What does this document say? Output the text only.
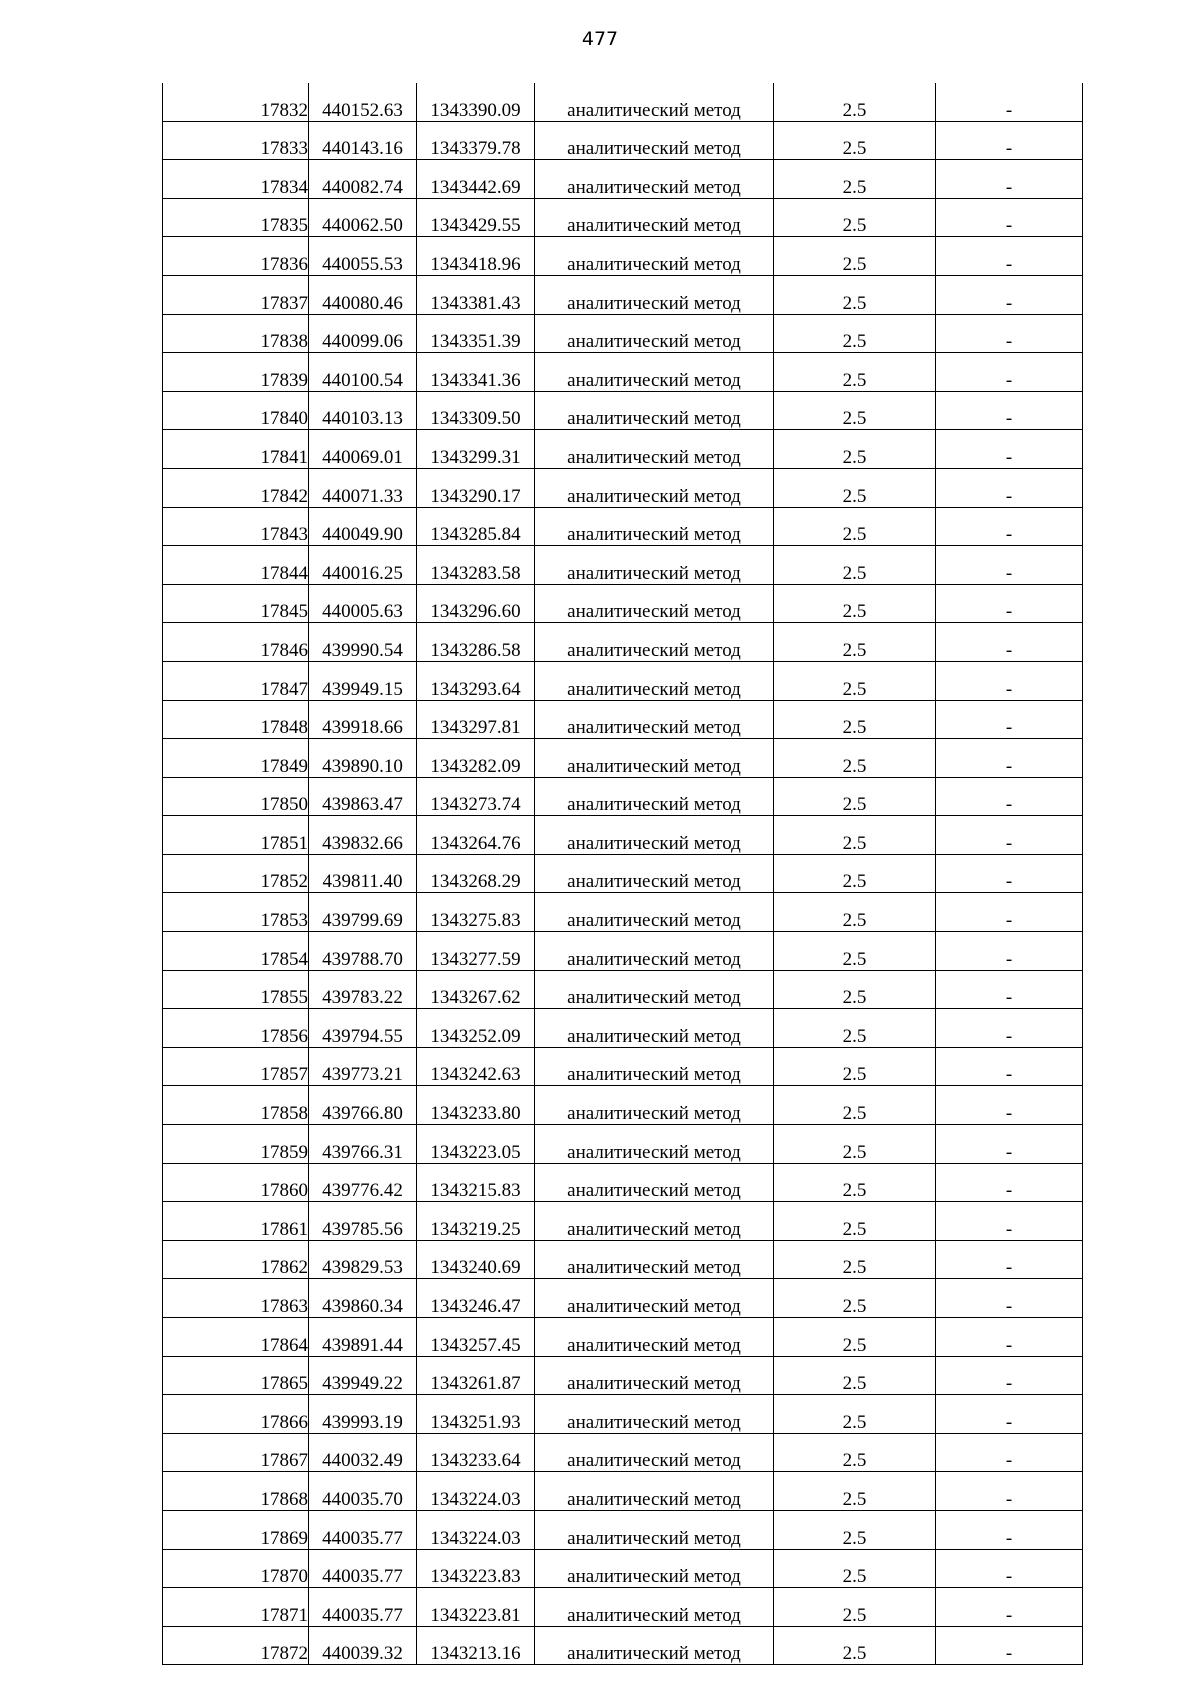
477
17832	440152.63	1343390.09	аналитический метод	2.5	-
17833	440143.16	1343379.78	аналитический метод	2.5	-
17834	440082.74	1343442.69	аналитический метод	2.5	-
17835	440062.50	1343429.55	аналитический метод	2.5	-
17836	440055.53	1343418.96	аналитический метод	2.5	-
17837	440080.46	1343381.43	аналитический метод	2.5	-
17838	440099.06	1343351.39	аналитический метод	2.5	-
17839	440100.54	1343341.36	аналитический метод	2.5	-
17840	440103.13	1343309.50	аналитический метод	2.5	-
17841	440069.01	1343299.31	аналитический метод	2.5	-
17842	440071.33	1343290.17	аналитический метод	2.5	-
17843	440049.90	1343285.84	аналитический метод	2.5	-
17844	440016.25	1343283.58	аналитический метод	2.5	-
17845	440005.63	1343296.60	аналитический метод	2.5	-
17846	439990.54	1343286.58	аналитический метод	2.5	-
17847	439949.15	1343293.64	аналитический метод	2.5	-
17848	439918.66	1343297.81	аналитический метод	2.5	-
17849	439890.10	1343282.09	аналитический метод	2.5	-
17850	439863.47	1343273.74	аналитический метод	2.5	-
17851	439832.66	1343264.76	аналитический метод	2.5	-
17852	439811.40	1343268.29	аналитический метод	2.5	-
17853	439799.69	1343275.83	аналитический метод	2.5	-
17854	439788.70	1343277.59	аналитический метод	2.5	-
17855	439783.22	1343267.62	аналитический метод	2.5	-
17856	439794.55	1343252.09	аналитический метод	2.5	-
17857	439773.21	1343242.63	аналитический метод	2.5	-
17858	439766.80	1343233.80	аналитический метод	2.5	-
17859	439766.31	1343223.05	аналитический метод	2.5	-
17860	439776.42	1343215.83	аналитический метод	2.5	-
17861	439785.56	1343219.25	аналитический метод	2.5	-
17862	439829.53	1343240.69	аналитический метод	2.5	-
17863	439860.34	1343246.47	аналитический метод	2.5	-
17864	439891.44	1343257.45	аналитический метод	2.5	-
17865	439949.22	1343261.87	аналитический метод	2.5	-
17866	439993.19	1343251.93	аналитический метод	2.5	-
17867	440032.49	1343233.64	аналитический метод	2.5	-
17868	440035.70	1343224.03	аналитический метод	2.5	-
17869	440035.77	1343224.03	аналитический метод	2.5	-
17870	440035.77	1343223.83	аналитический метод	2.5	-
17871	440035.77	1343223.81	аналитический метод	2.5	-
17872	440039.32	1343213.16	аналитический метод	2.5	-
